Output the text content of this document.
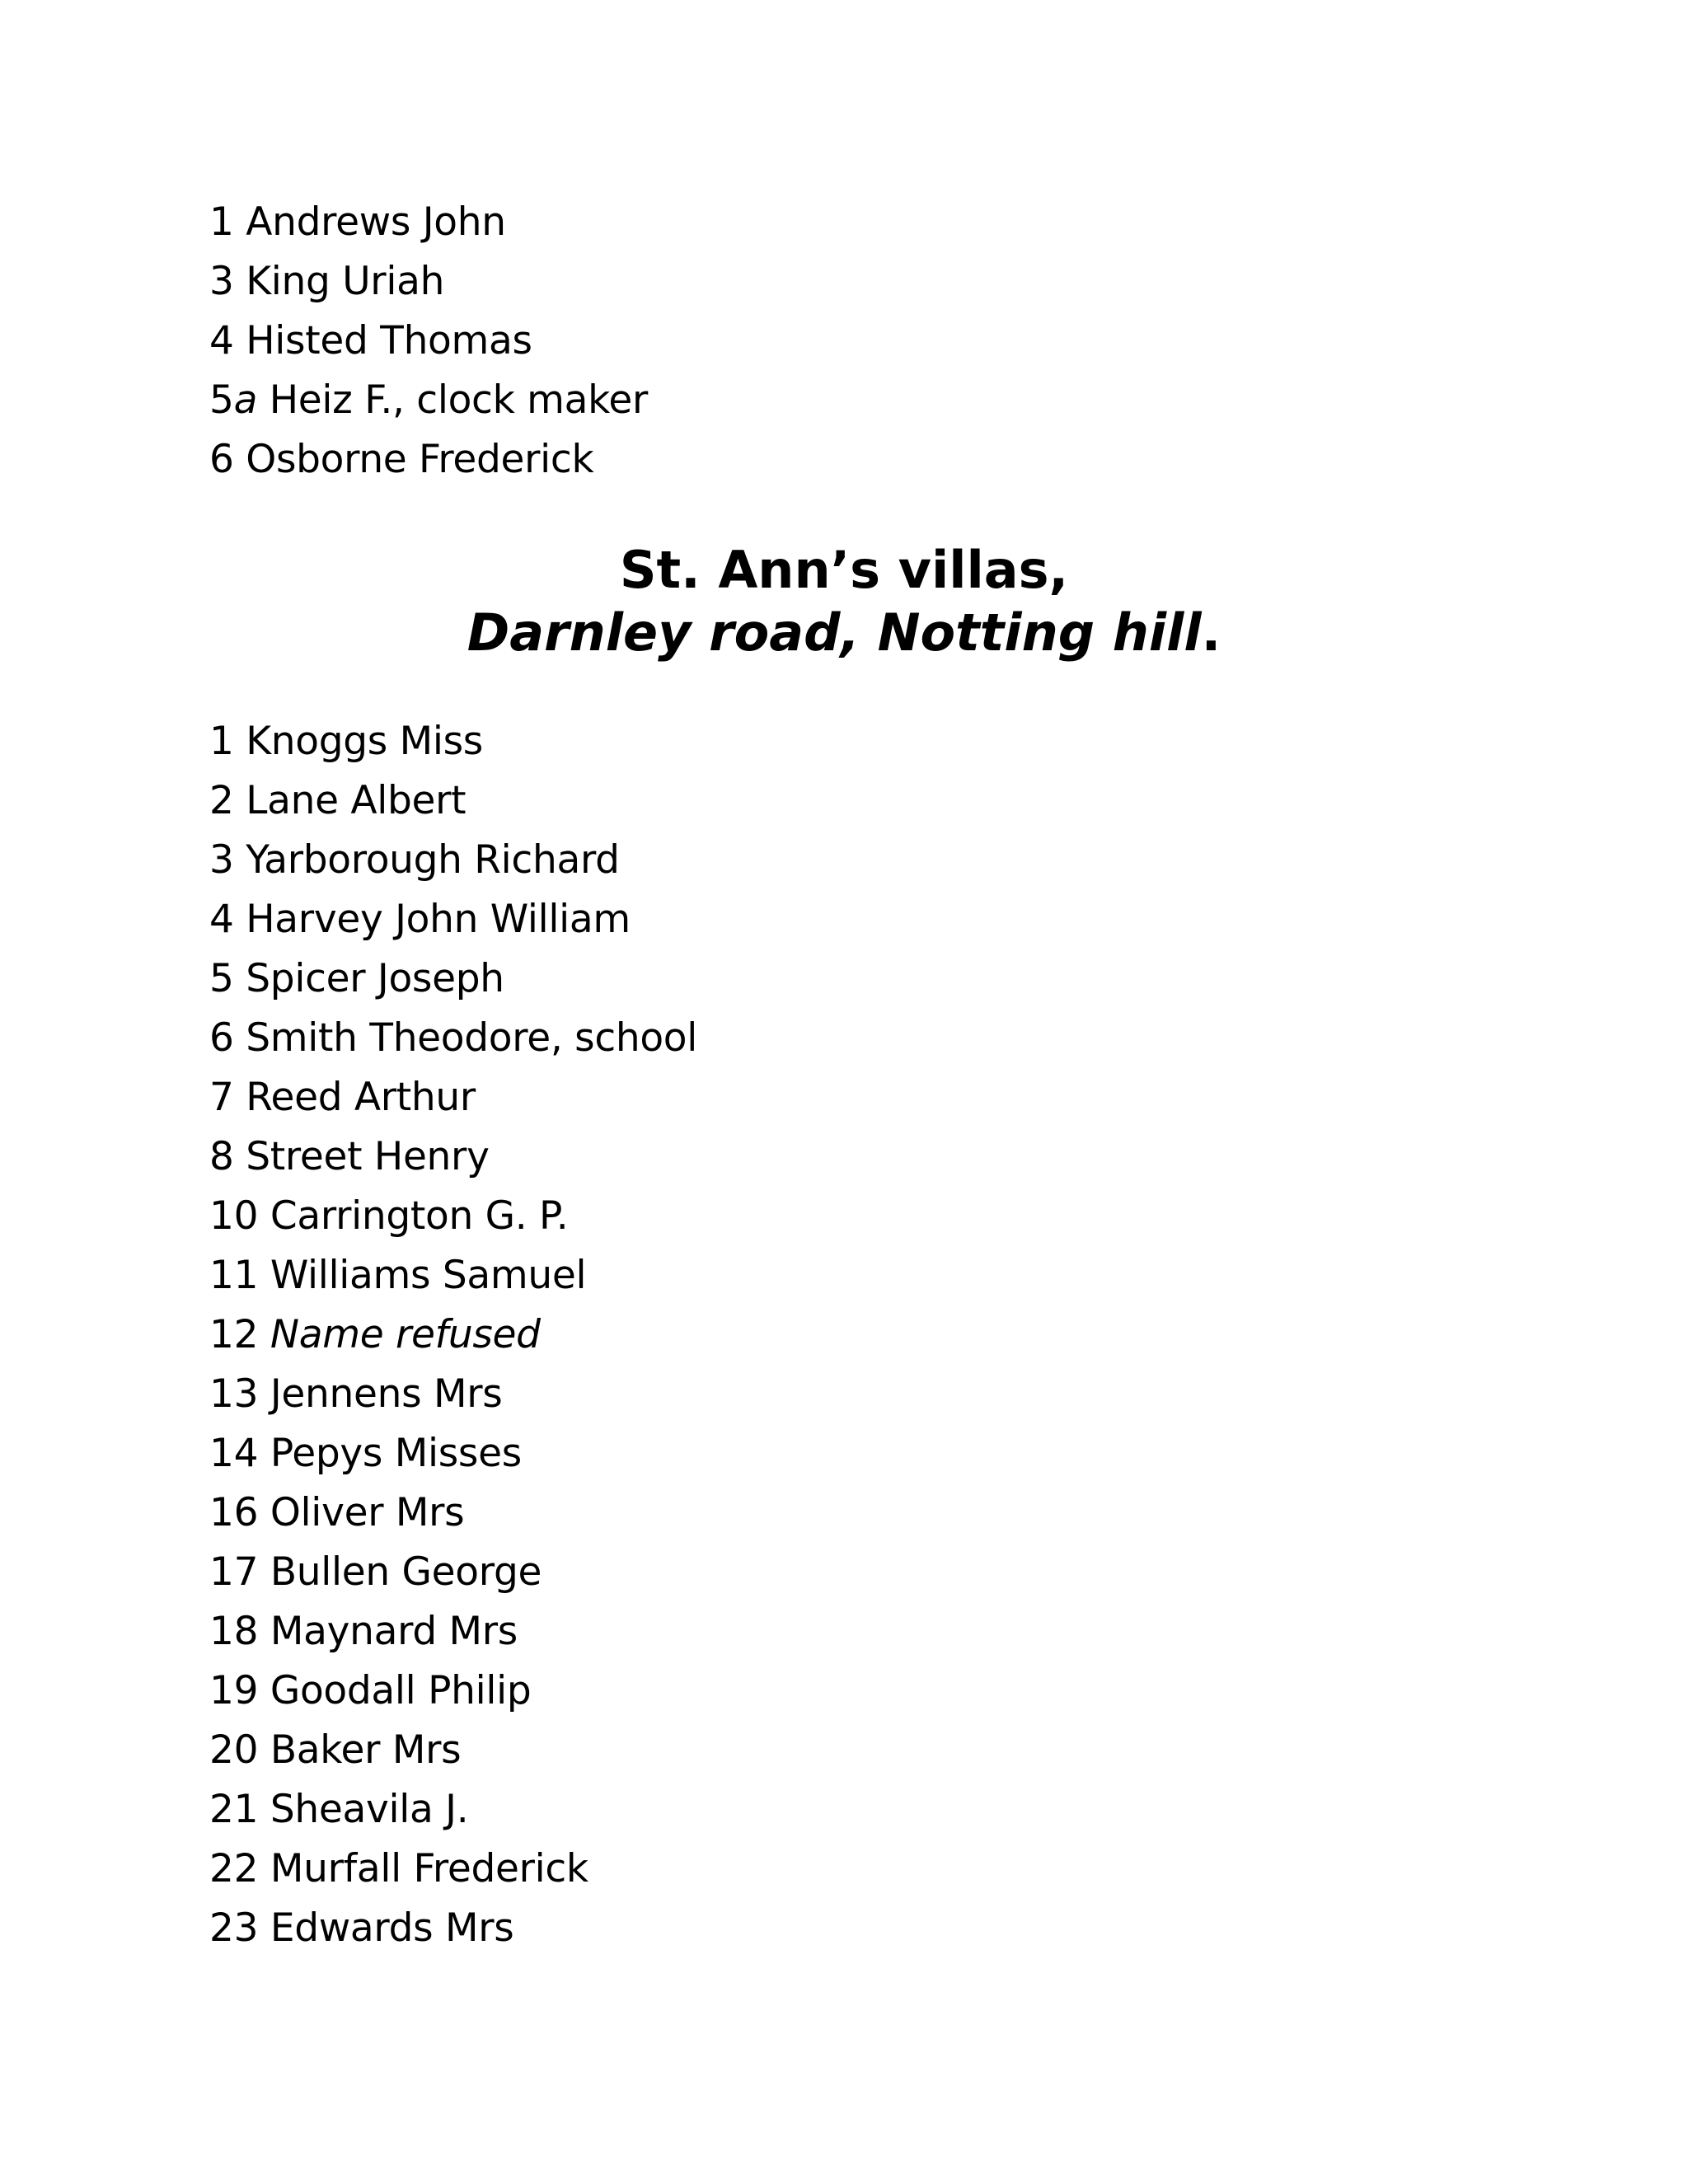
1 Andrews John
3 King Uriah
4 Histed Thomas
5a Heiz F., clock maker
6 Osborne Frederick
St. Ann’s villas,
Darnley road, Notting hill.
1 Knoggs Miss
2 Lane Albert
3 Yarborough Richard
4 Harvey John William
5 Spicer Joseph
6 Smith Theodore, school
7 Reed Arthur
8 Street Henry
10 Carrington G. P.
11 Williams Samuel
12 Name refused
13 Jennens Mrs
14 Pepys Misses
16 Oliver Mrs
17 Bullen George
18 Maynard Mrs
19 Goodall Philip
20 Baker Mrs
21 Sheavila J.
22 Murfall Frederick
23 Edwards Mrs
